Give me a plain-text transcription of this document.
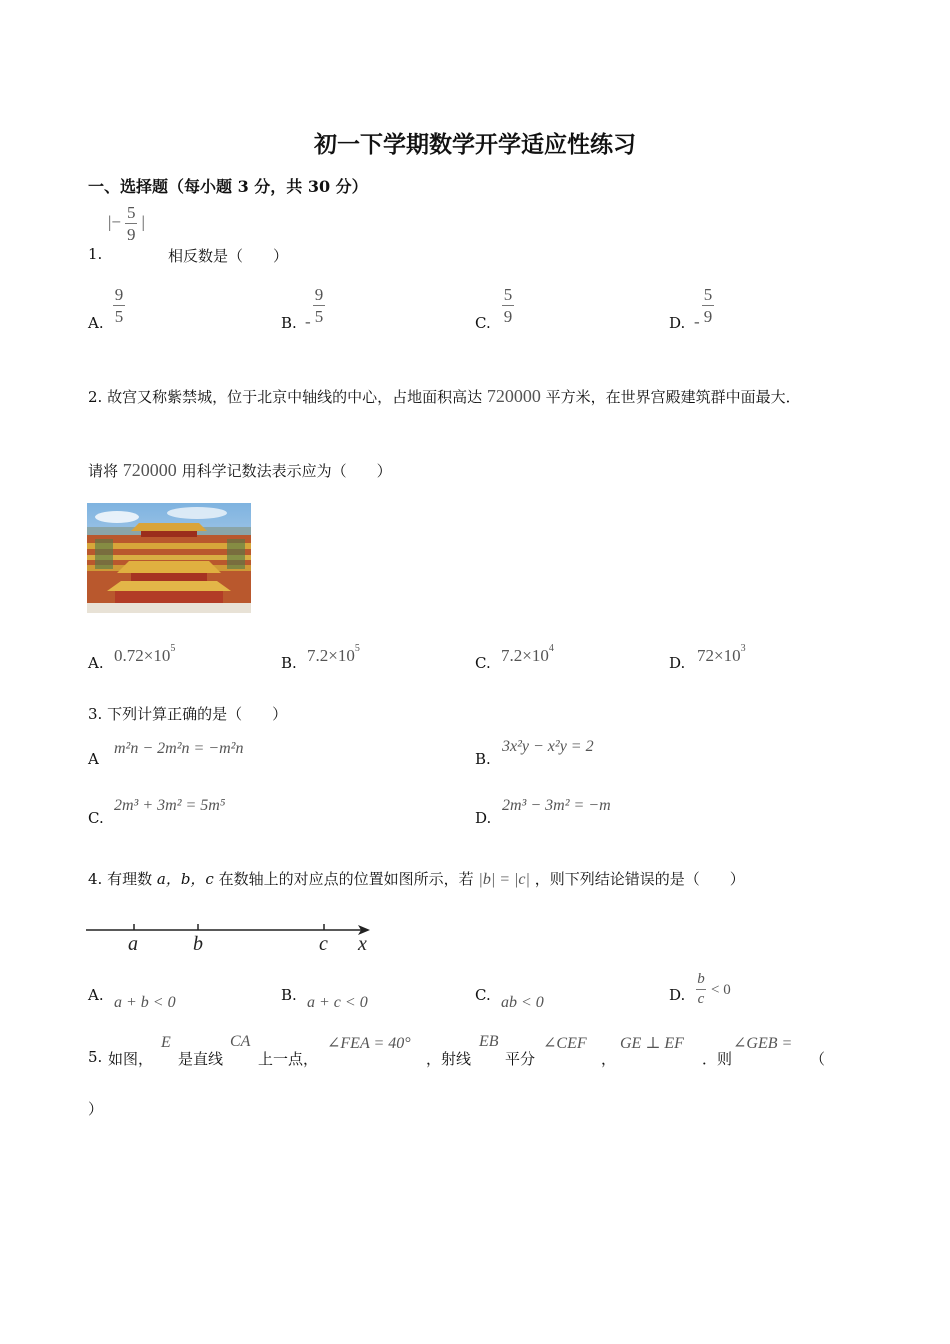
初一下学期数学开学适应性练习
一、选择题（每小题 3 分，共 30 分）
|− $\frac{5}{9}$ |
1.	相反数是（　　）
A.
9
5	B. -
9
5	C.
5
9	D. -
5
9
2. 故宫又称紫禁城，位于北京中轴线的中心，占地面积高达 720000 平方米，在世界宫殿建筑群中面最大．
请将 720000 用科学记数法表示应为（　　）
A. $0.72\times 10^5$
B. $7.2\times 10^5$
C. $7.2\times 10^4$
D. $72\times 10^3$
3. 下列计算正确的是（　　）
A
m²n − 2m²n = −m²n
B.
3x²y − x²y = 2
C.
2m³ + 3m² = 5m⁵
D.
2m³ − 3m² = −m
4. 有理数 a，b，c 在数轴上的对应点的位置如图所示，若 |b| = |c| ，则下列结论错误的是（　　）
a	b	c x
A. a + b < 0	B. a + c < 0	C. ab < 0	D.
b
c
< 0
5. 如图，
E
是直线
CA
上一点，
∠FEA = 40°
，射线
EB
平分
∠CEF
，
GE ⊥ EF
．则
∠GEB =
（
）
